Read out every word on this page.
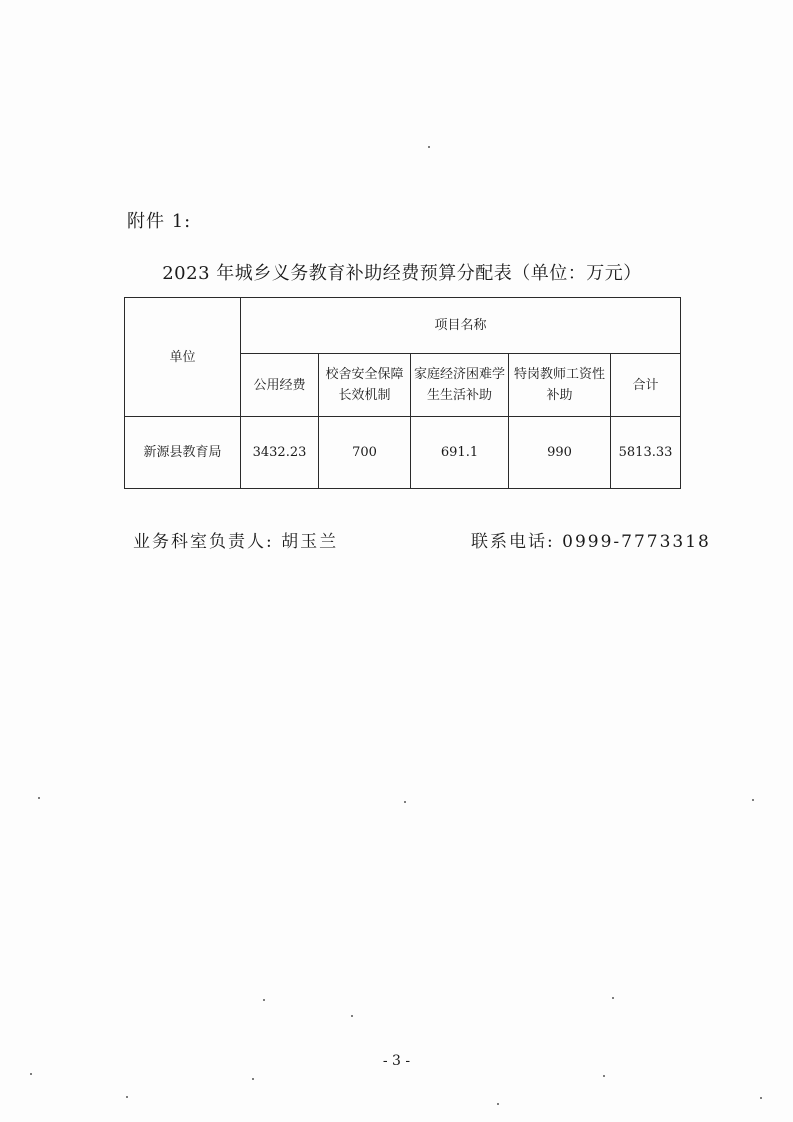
附件 1:
2023 年城乡义务教育补助经费预算分配表（单位：万元）
单位	项目名称				

	公用经费	校舍安全保障长效机制	家庭经济困难学生生活补助	特岗教师工资性补助	合计

新源县教育局	3432.23	700	691.1	990	5813.33
业务科室负责人: 胡玉兰	联系电话: 0999-7773318
- 3 -
